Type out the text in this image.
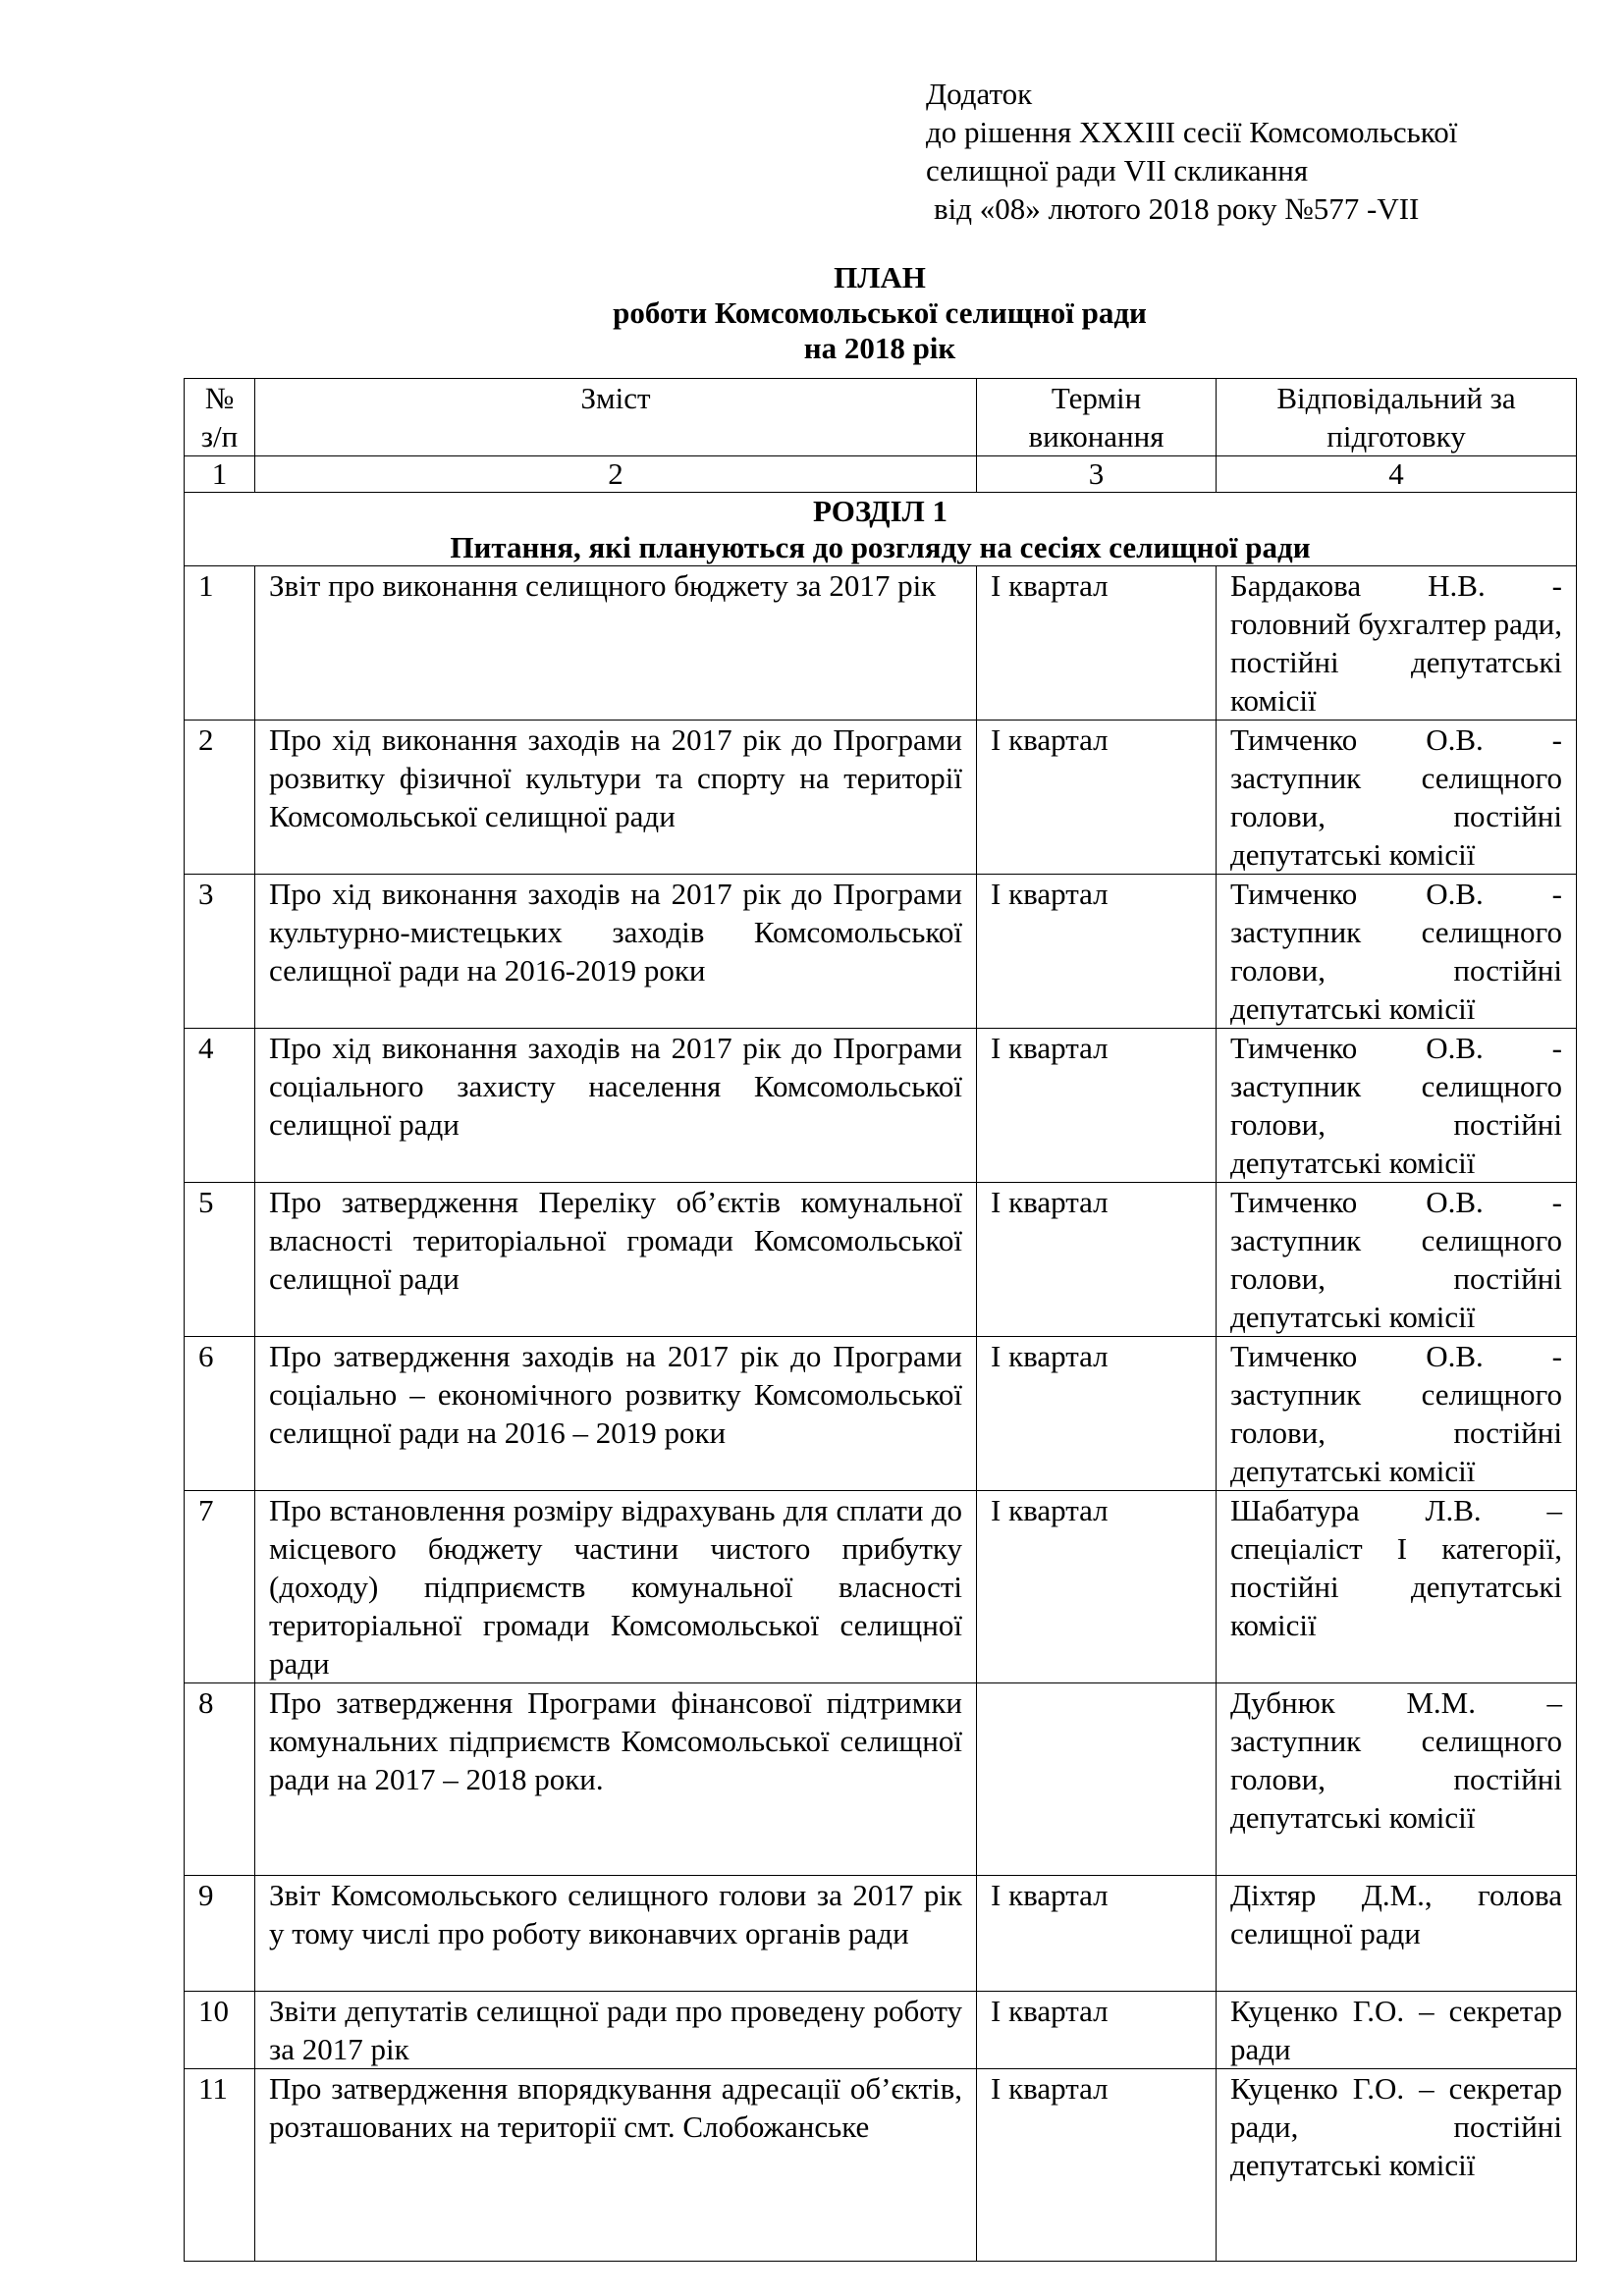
Додаток
до рішення XXXIII сесії Комсомольської
селищної ради VII скликання
від «08» лютого 2018 року №577 -VII
ПЛАН
роботи Комсомольської селищної ради
на 2018 рік
№ з/п	Зміст	Термін виконання	Відповідальний за підготовку
1	2	3	4

РОЗДІЛ 1
Питання, які плануються до розгляду на сесіях селищної ради			

1	Звіт про виконання селищного бюджету за 2017 рік	І квартал	Бардакова Н.В. - головний бухгалтер ради, постійні депутатські комісії
2	Про хід виконання заходів на 2017 рік до Програми розвитку фізичної культури та спорту на території Комсомольської селищної ради	І квартал	Тимченко О.В. - заступник селищного голови, постійні депутатські комісії
3	Про хід виконання заходів на 2017 рік до Програми культурно-мистецьких заходів Комсомольської селищної ради на 2016-2019 роки	І квартал	Тимченко О.В. - заступник селищного голови, постійні депутатські комісії
4	Про хід виконання заходів на 2017 рік до Програми соціального захисту населення Комсомольської селищної ради	І квартал	Тимченко О.В. - заступник селищного голови, постійні депутатські комісії
5	Про затвердження Переліку об’єктів комунальної власності територіальної громади Комсомольської селищної ради	І квартал	Тимченко О.В. - заступник селищного голови, постійні депутатські комісії
6	Про затвердження заходів на 2017 рік до Програми соціально – економічного розвитку Комсомольської селищної ради на 2016 – 2019 роки	І квартал	Тимченко О.В. - заступник селищного голови, постійні депутатські комісії
7	Про встановлення розміру відрахувань для сплати до місцевого бюджету частини чистого прибутку (доходу) підприємств комунальної власності територіальної громади Комсомольської селищної ради	І квартал	Шабатура Л.В. – спеціаліст І категорії, постійні депутатські комісії
8	Про затвердження Програми фінансової підтримки комунальних підприємств Комсомольської селищної ради на 2017 – 2018 роки.		Дубнюк М.М. – заступник селищного голови, постійні депутатські комісії
9	Звіт Комсомольського селищного голови за 2017 рік у тому числі про роботу виконавчих органів ради	І квартал	Діхтяр Д.М., голова селищної ради
10	Звіти депутатів селищної ради про проведену роботу за 2017 рік	І квартал	Куценко Г.О. – секретар ради
11	Про затвердження впорядкування адресації об’єктів, розташованих на території смт. Слобожанське	І квартал	Куценко Г.О. – секретар ради, постійні депутатські комісії
